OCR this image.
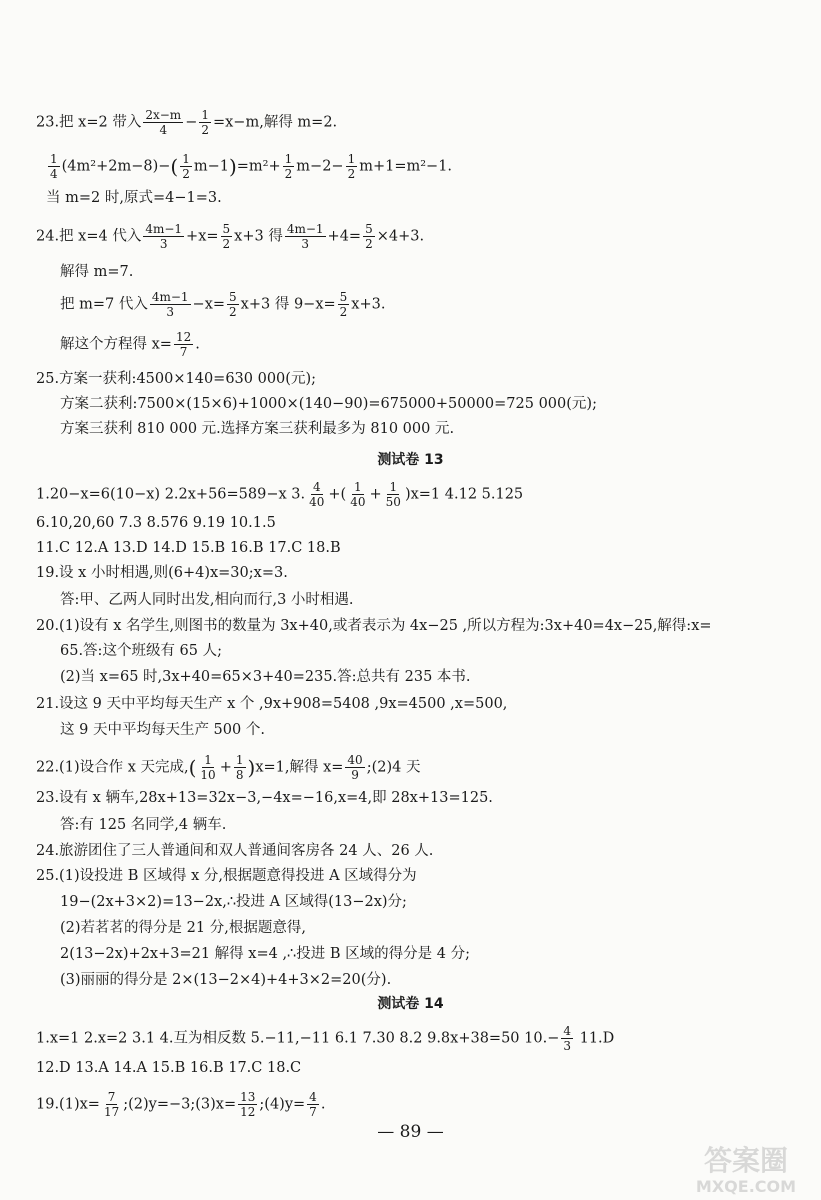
23.把 x=2 带入 $\frac{2x-m}{4} - \frac{1}{2} =x-m$,解得 m=2.
$\frac{1}{4} (4m^2+2m-8)-( \frac{1}{2} m-1)=m^2+ \frac{1}{2} m-2- \frac{1}{2} m+1=m^2-1$.
当 m=2 时,原式=4−1=3.
24.把 x=4 代入 $\frac{4m-1}{3} +x= \frac{5}{2} x+3$ 得 $\frac{4m-1}{3} +4= \frac{5}{2} \times 4+3$.
解得 m=7.
把 m=7 代入 $\frac{4m-1}{3} -x= \frac{5}{2} x+3$ 得 $9-x= \frac{5}{2} x+3$.
解这个方程得 $x= \frac{12}{7}$ .
25.方案一获利:4500×140=630 000(元);
方案二获利:7500×(15×6)+1000×(140−90)=675000+50000=725 000(元);
方案三获利 810 000 元.选择方案三获利最多为 810 000 元.
测试卷 13
1.20−x=6(10−x) 2.2x+56=589−x 3. $\frac{4}{40}$ +( $\frac{1}{40} + \frac{1}{50} )x=1$ 4.12 5.125
6.10,20,60 7.3 8.576 9.19 10.1.5
11.C 12.A 13.D 14.D 15.B 16.B 17.C 18.B
19.设 x 小时相遇,则(6+4)x=30;x=3.
答:甲、乙两人同时出发,相向而行,3 小时相遇.
20.(1)设有 x 名学生,则图书的数量为 3x+40,或者表示为 4x−25 ,所以方程为:3x+40=4x−25,解得:x=
65.答:这个班级有 65 人;
(2)当 x=65 时,3x+40=65×3+40=235.答:总共有 235 本书.
21.设这 9 天中平均每天生产 x 个 ,9x+908=5408 ,9x=4500 ,x=500,
这 9 天中平均每天生产 500 个.
22.(1)设合作 x 天完成,( $\frac{1}{10} + \frac{1}{8} )x=1$,解得 $x= \frac{40}{9}$ ;(2)4 天
23.设有 x 辆车,28x+13=32x−3,−4x=−16,x=4,即 28x+13=125.
答:有 125 名同学,4 辆车.
24.旅游团住了三人普通间和双人普通间客房各 24 人、26 人.
25.(1)设投进 B 区域得 x 分,根据题意得投进 A 区域得分为
19−(2x+3×2)=13−2x,∴投进 A 区域得(13−2x)分;
(2)若茗茗的得分是 21 分,根据题意得,
2(13−2x)+2x+3=21 解得 x=4 ,∴投进 B 区域的得分是 4 分;
(3)丽丽的得分是 2×(13−2×4)+4+3×2=20(分).
测试卷 14
1.x=1 2.x=2 3.1 4.互为相反数 5.−11,−11 6.1 7.30 8.2 9.8x+38=50 $10.- \frac{4}{3} 11.D$
12.D 13.A 14.A 15.B 16.B 17.C 18.C
$19.(1)x= \frac{7}{17}$ ;(2)y=−3;(3)x= $\frac{13}{12}$ ;(4)y= $\frac{4}{7}$ .
— 89 —
答案圈
MXQE.COM
